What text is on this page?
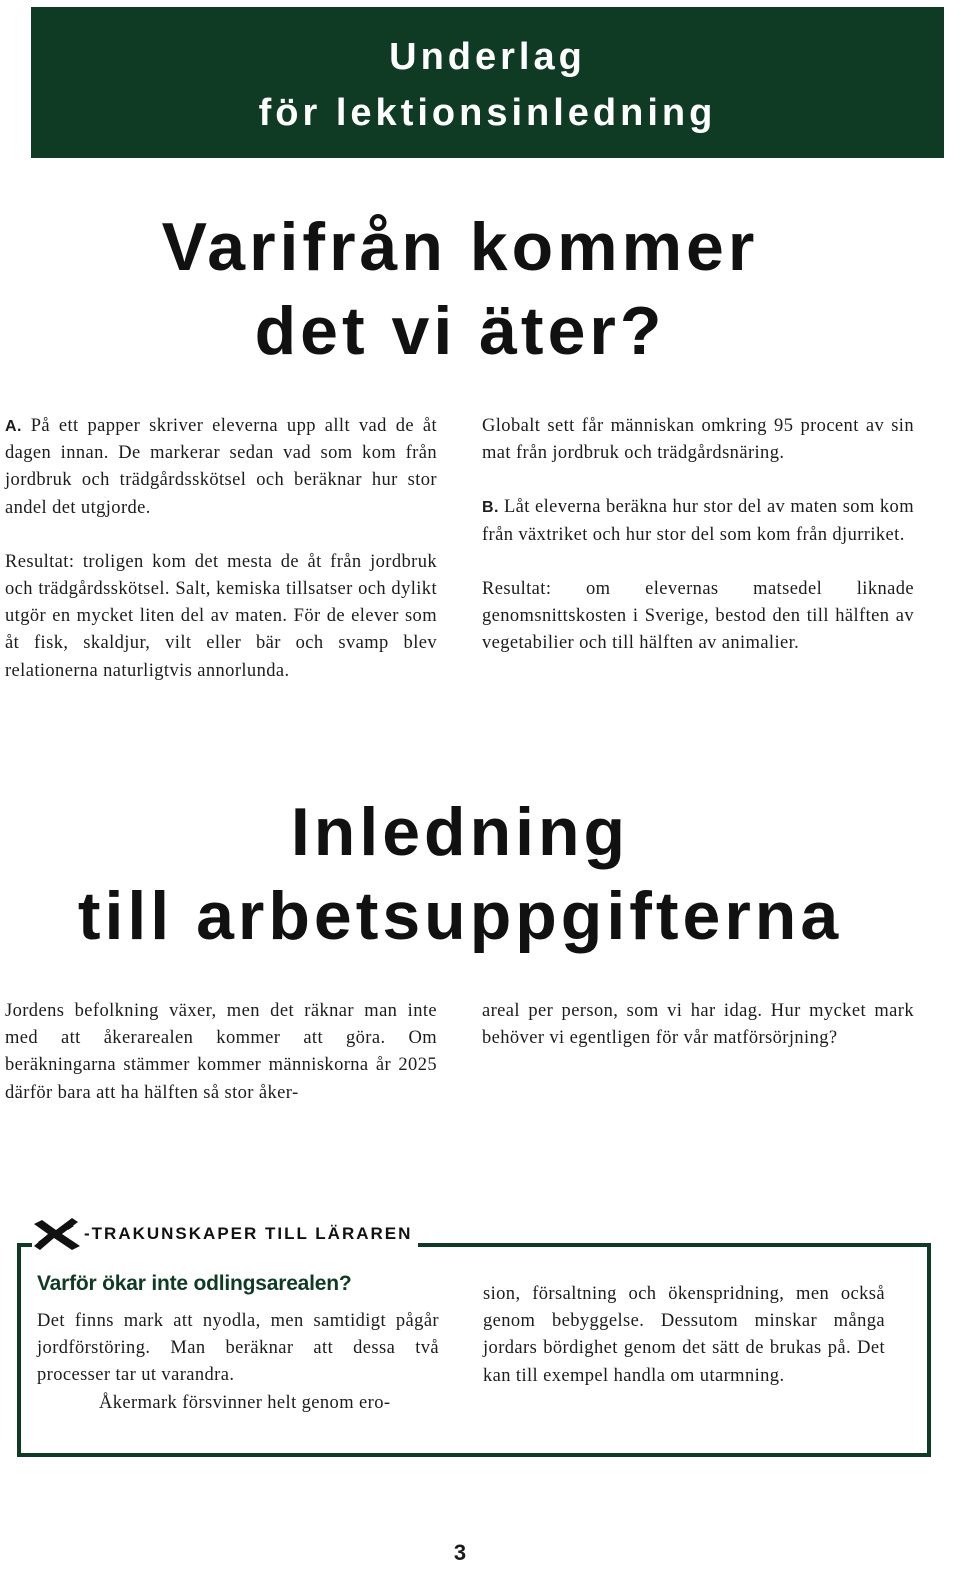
Underlag
för lektionsinledning
Varifrån kommer
det vi äter?

A. På ett papper skriver eleverna upp allt vad de åt dagen innan. De markerar sedan vad som kom från jordbruk och trädgårdsskötsel och beräknar hur stor andel det utgjorde.

Resultat: troligen kom det mesta de åt från jordbruk och trädgårdsskötsel. Salt, kemiska tillsatser och dylikt utgör en mycket liten del av maten. För de elever som åt fisk, skaldjur, vilt eller bär och svamp blev relationerna naturligtvis annorlunda.

Globalt sett får människan omkring 95 procent av sin mat från jordbruk och trädgårdsnäring.

B. Låt eleverna beräkna hur stor del av maten som kom från växtriket och hur stor del som kom från djurriket.

Resultat: om elevernas matsedel liknade genomsnittskosten i Sverige, bestod den till hälften av vegetabilier och till hälften av animalier.

Inledning
till arbetsuppgifterna

Jordens befolkning växer, men det räknar man inte med att åkerarealen kommer att göra. Om beräkningarna stämmer kommer människorna år 2025 därför bara att ha hälften så stor åker-

areal per person, som vi har idag. Hur mycket mark behöver vi egentligen för vår matförsörjning?

-TRAKUNSKAPER TILL LÄRAREN
Varför ökar inte odlingsarealen?
Det finns mark att nyodla, men samtidigt pågår jordförstöring. Man beräknar att dessa två processer tar ut varandra.
Åkermark försvinner helt genom ero-
sion, försaltning och ökenspridning, men också genom bebyggelse. Dessutom minskar många jordars bördighet genom det sätt de brukas på. Det kan till exempel handla om utarmning.
3
